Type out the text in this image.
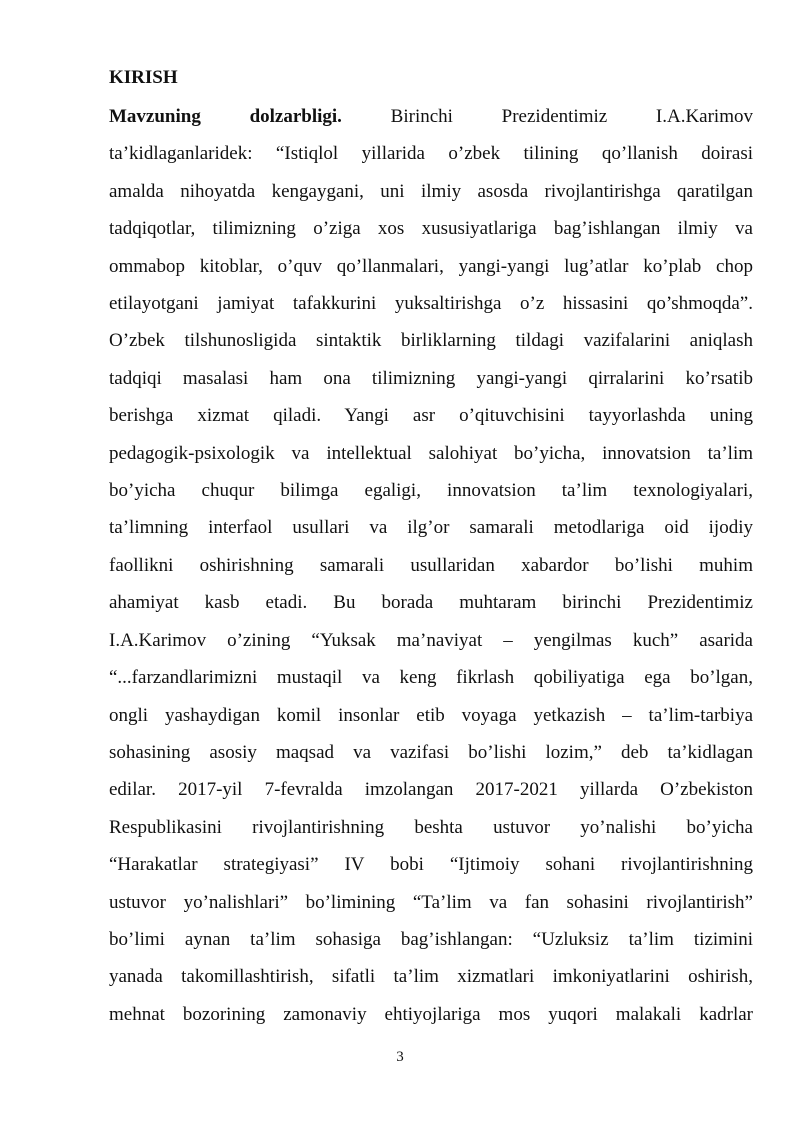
KIRISH
Mavzuning dolzarbligi.	Birinchi Prezidentimiz I.A.Karimov
ta’kidlaganlaridek: “Istiqlol yillarida o’zbek tilining qo’llanish doirasi
amalda nihoyatda kengaygani, uni ilmiy asosda rivojlantirishga qaratilgan
tadqiqotlar, tilimizning o’ziga xos xususiyatlariga bag’ishlangan ilmiy va
ommabop kitoblar, o’quv qo’llanmalari, yangi-yangi lug’atlar ko’plab chop
etilayotgani jamiyat tafakkurini yuksaltirishga o’z hissasini qo’shmoqda”.
O’zbek tilshunosligida sintaktik birliklarning tildagi vazifalarini aniqlash
tadqiqi masalasi ham ona tilimizning yangi-yangi qirralarini ko’rsatib
berishga xizmat qiladi. Yangi asr o’qituvchisini tayyorlashda uning
pedagogik-psixologik va intellektual salohiyat bo’yicha, innovatsion ta’lim
bo’yicha chuqur bilimga egaligi, innovatsion ta’lim texnologiyalari,
ta’limning interfaol usullari va ilg’or samarali metodlariga oid ijodiy
faollikni oshirishning samarali usullaridan xabardor bo’lishi muhim
ahamiyat kasb etadi. Bu borada muhtaram birinchi Prezidentimiz
I.A.Karimov o’zining “Yuksak ma’naviyat – yengilmas kuch” asarida
“...farzandlarimizni mustaqil va keng fikrlash qobiliyatiga ega bo’lgan,
ongli yashaydigan komil insonlar etib voyaga yetkazish – ta’lim-tarbiya
sohasining asosiy maqsad va vazifasi bo’lishi lozim,” deb ta’kidlagan
edilar. 2017-yil 7-fevralda imzolangan 2017-2021 yillarda O’zbekiston
Respublikasini rivojlantirishning beshta ustuvor yo’nalishi bo’yicha
“Harakatlar strategiyasi” IV bobi “Ijtimoiy sohani rivojlantirishning
ustuvor yo’nalishlari” bo’limining “Ta’lim va fan sohasini rivojlantirish”
bo’limi aynan ta’lim sohasiga bag’ishlangan: “Uzluksiz ta’lim tizimini
yanada takomillashtirish, sifatli ta’lim xizmatlari imkoniyatlarini oshirish,
mehnat bozorining zamonaviy ehtiyojlariga mos yuqori malakali kadrlar
3
